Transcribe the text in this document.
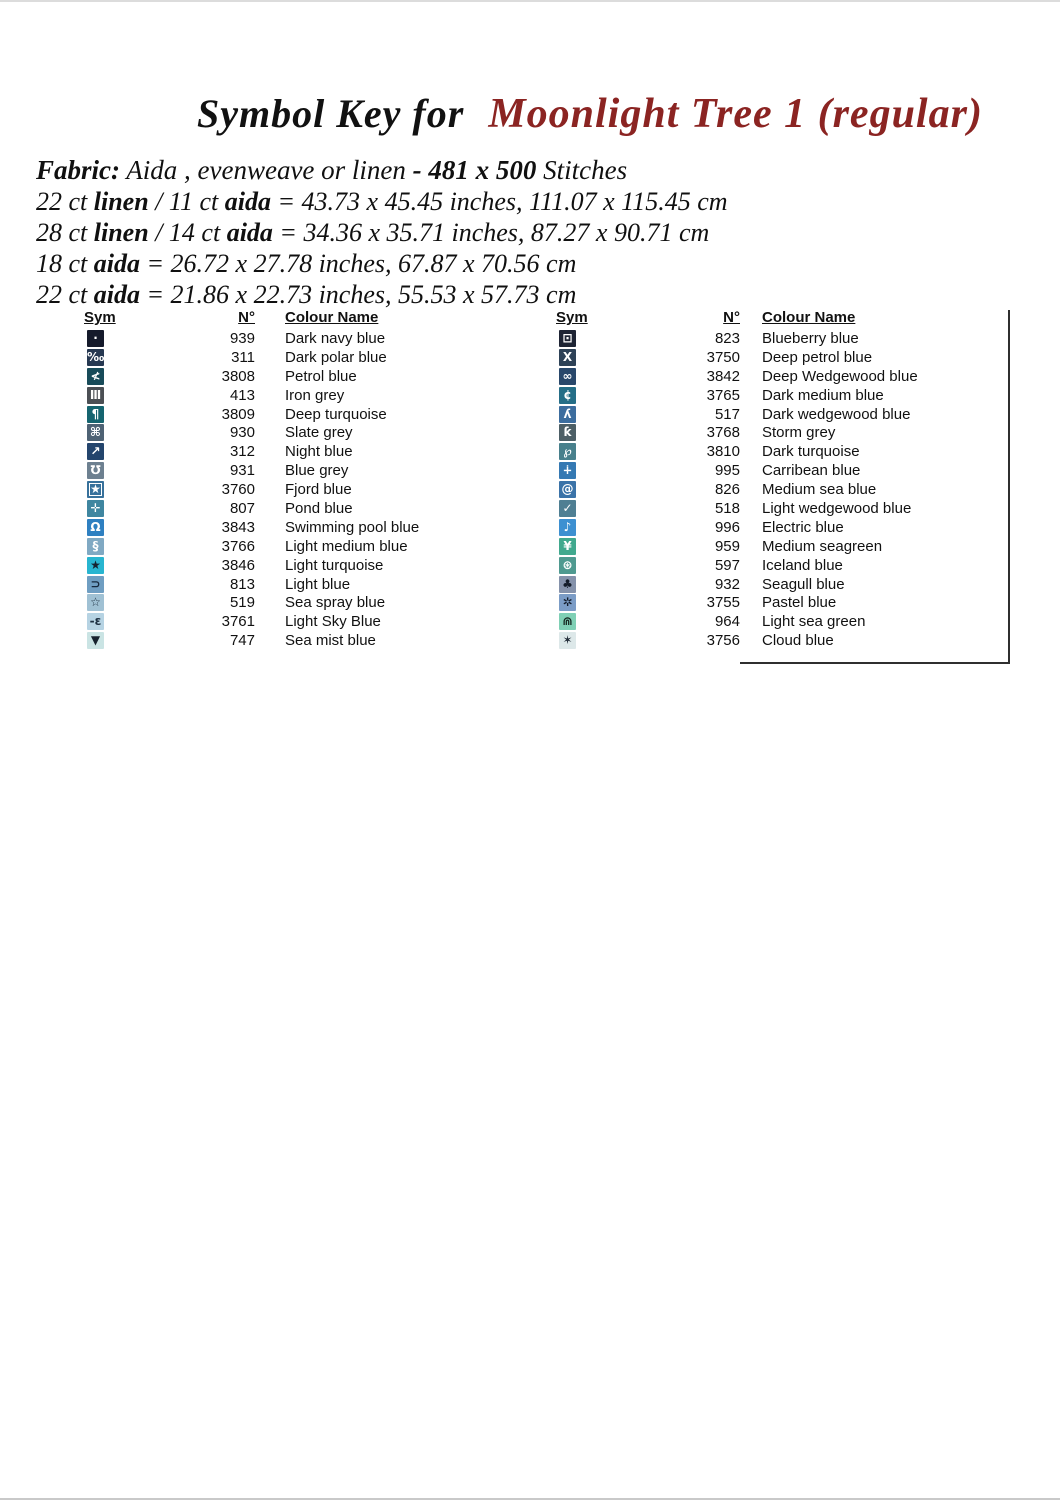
Symbol Key for Moonlight Tree 1 (regular)
Fabric: Aida , evenweave or linen - 481 x 500 Stitches
22 ct linen / 11 ct aida = 43.73 x 45.45 inches, 111.07 x 115.45 cm
28 ct linen / 14 ct aida = 34.36 x 35.71 inches, 87.27 x 90.71 cm
18 ct aida = 26.72 x 27.78 inches, 67.87 x 70.56 cm
22 ct aida = 21.86 x 22.73 inches, 55.53 x 57.73 cm
Sym	N° Colour Name
·	939 Dark navy blue
‰	311 Dark polar blue
≮	3808 Petrol blue
Ⅲ	413 Iron grey
¶	3809 Deep turquoise
⌘	930 Slate grey
↗	312 Night blue
℧	931 Blue grey
★	3760 Fjord blue
✛	807 Pond blue
Ω	3843 Swimming pool blue
§	3766 Light medium blue
★	3846 Light turquoise
⊃	813 Light blue
☆	519 Sea spray blue
-ɛ	3761 Light Sky Blue
▼	747 Sea mist blue
Sym	N° Colour Name
⊡	823 Blueberry blue
X	3750 Deep petrol blue
∞	3842 Deep Wedgewood blue
¢	3765 Dark medium blue
ʎ	517 Dark wedgewood blue
ƙ	3768 Storm grey
℘	3810 Dark turquoise
∔	995 Carribean blue
@	826 Medium sea blue
✓	518 Light wedgewood blue
♪	996 Electric blue
¥	959 Medium seagreen
⊛	597 Iceland blue
♣	932 Seagull blue
✲	3755 Pastel blue
⋒	964 Light sea green
✶	3756 Cloud blue
